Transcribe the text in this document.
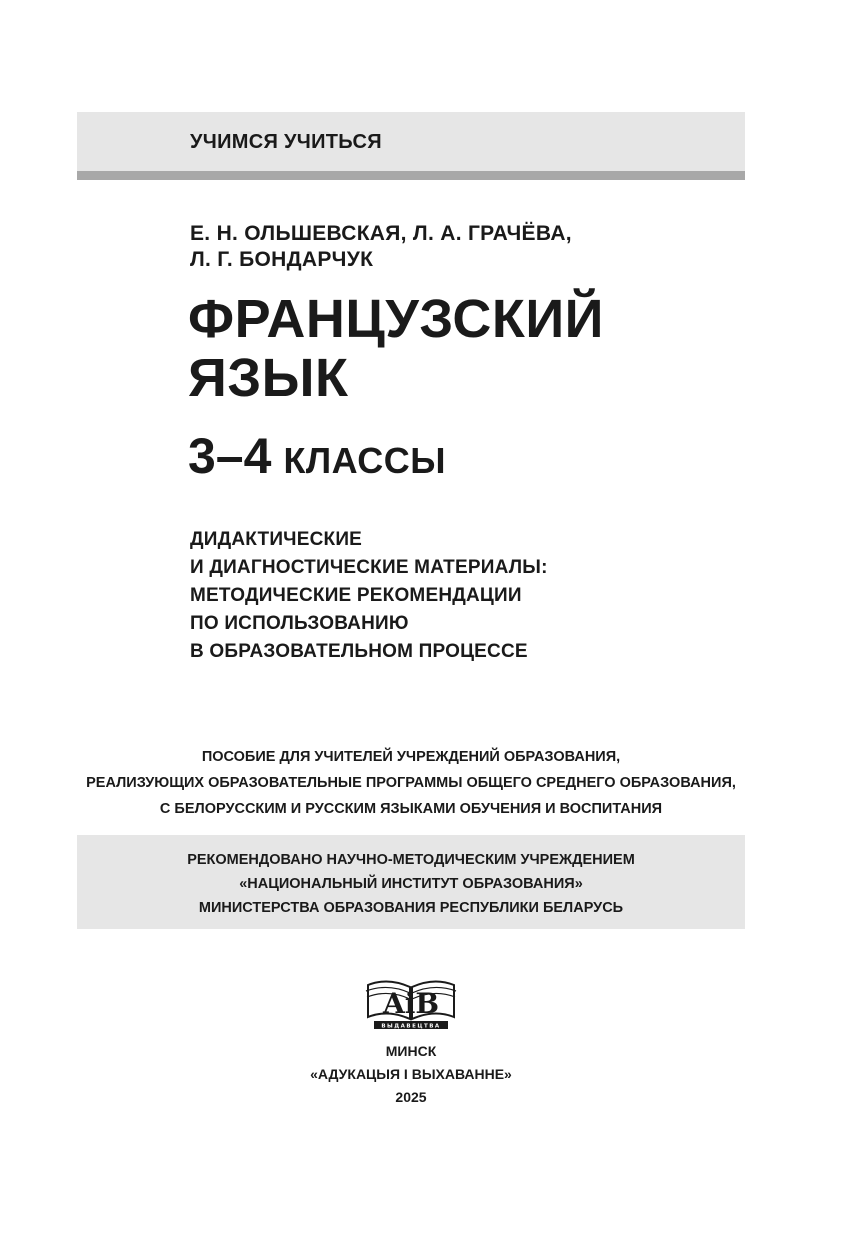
УЧИМСЯ УЧИТЬСЯ
Е. Н. ОЛЬШЕВСКАЯ, Л. А. ГРАЧЁВА,
Л. Г. БОНДАРЧУК
ФРАНЦУЗСКИЙ
ЯЗЫК
3–4 КЛАССЫ
ДИДАКТИЧЕСКИЕ
И ДИАГНОСТИЧЕСКИЕ МАТЕРИАЛЫ:
МЕТОДИЧЕСКИЕ РЕКОМЕНДАЦИИ
ПО ИСПОЛЬЗОВАНИЮ
В ОБРАЗОВАТЕЛЬНОМ ПРОЦЕССЕ
ПОСОБИЕ ДЛЯ УЧИТЕЛЕЙ УЧРЕЖДЕНИЙ ОБРАЗОВАНИЯ,
РЕАЛИЗУЮЩИХ ОБРАЗОВАТЕЛЬНЫЕ ПРОГРАММЫ ОБЩЕГО СРЕДНЕГО ОБРАЗОВАНИЯ,
С БЕЛОРУССКИМ И РУССКИМ ЯЗЫКАМИ ОБУЧЕНИЯ И ВОСПИТАНИЯ
РЕКОМЕНДОВАНО НАУЧНО-МЕТОДИЧЕСКИМ УЧРЕЖДЕНИЕМ
«НАЦИОНАЛЬНЫЙ ИНСТИТУТ ОБРАЗОВАНИЯ»
МИНИСТЕРСТВА ОБРАЗОВАНИЯ РЕСПУБЛИКИ БЕЛАРУСЬ
AiB
ВЫДАВЕЦТВА
МИНСК
«АДУКАЦЫЯ І ВЫХАВАННЕ»
2025
